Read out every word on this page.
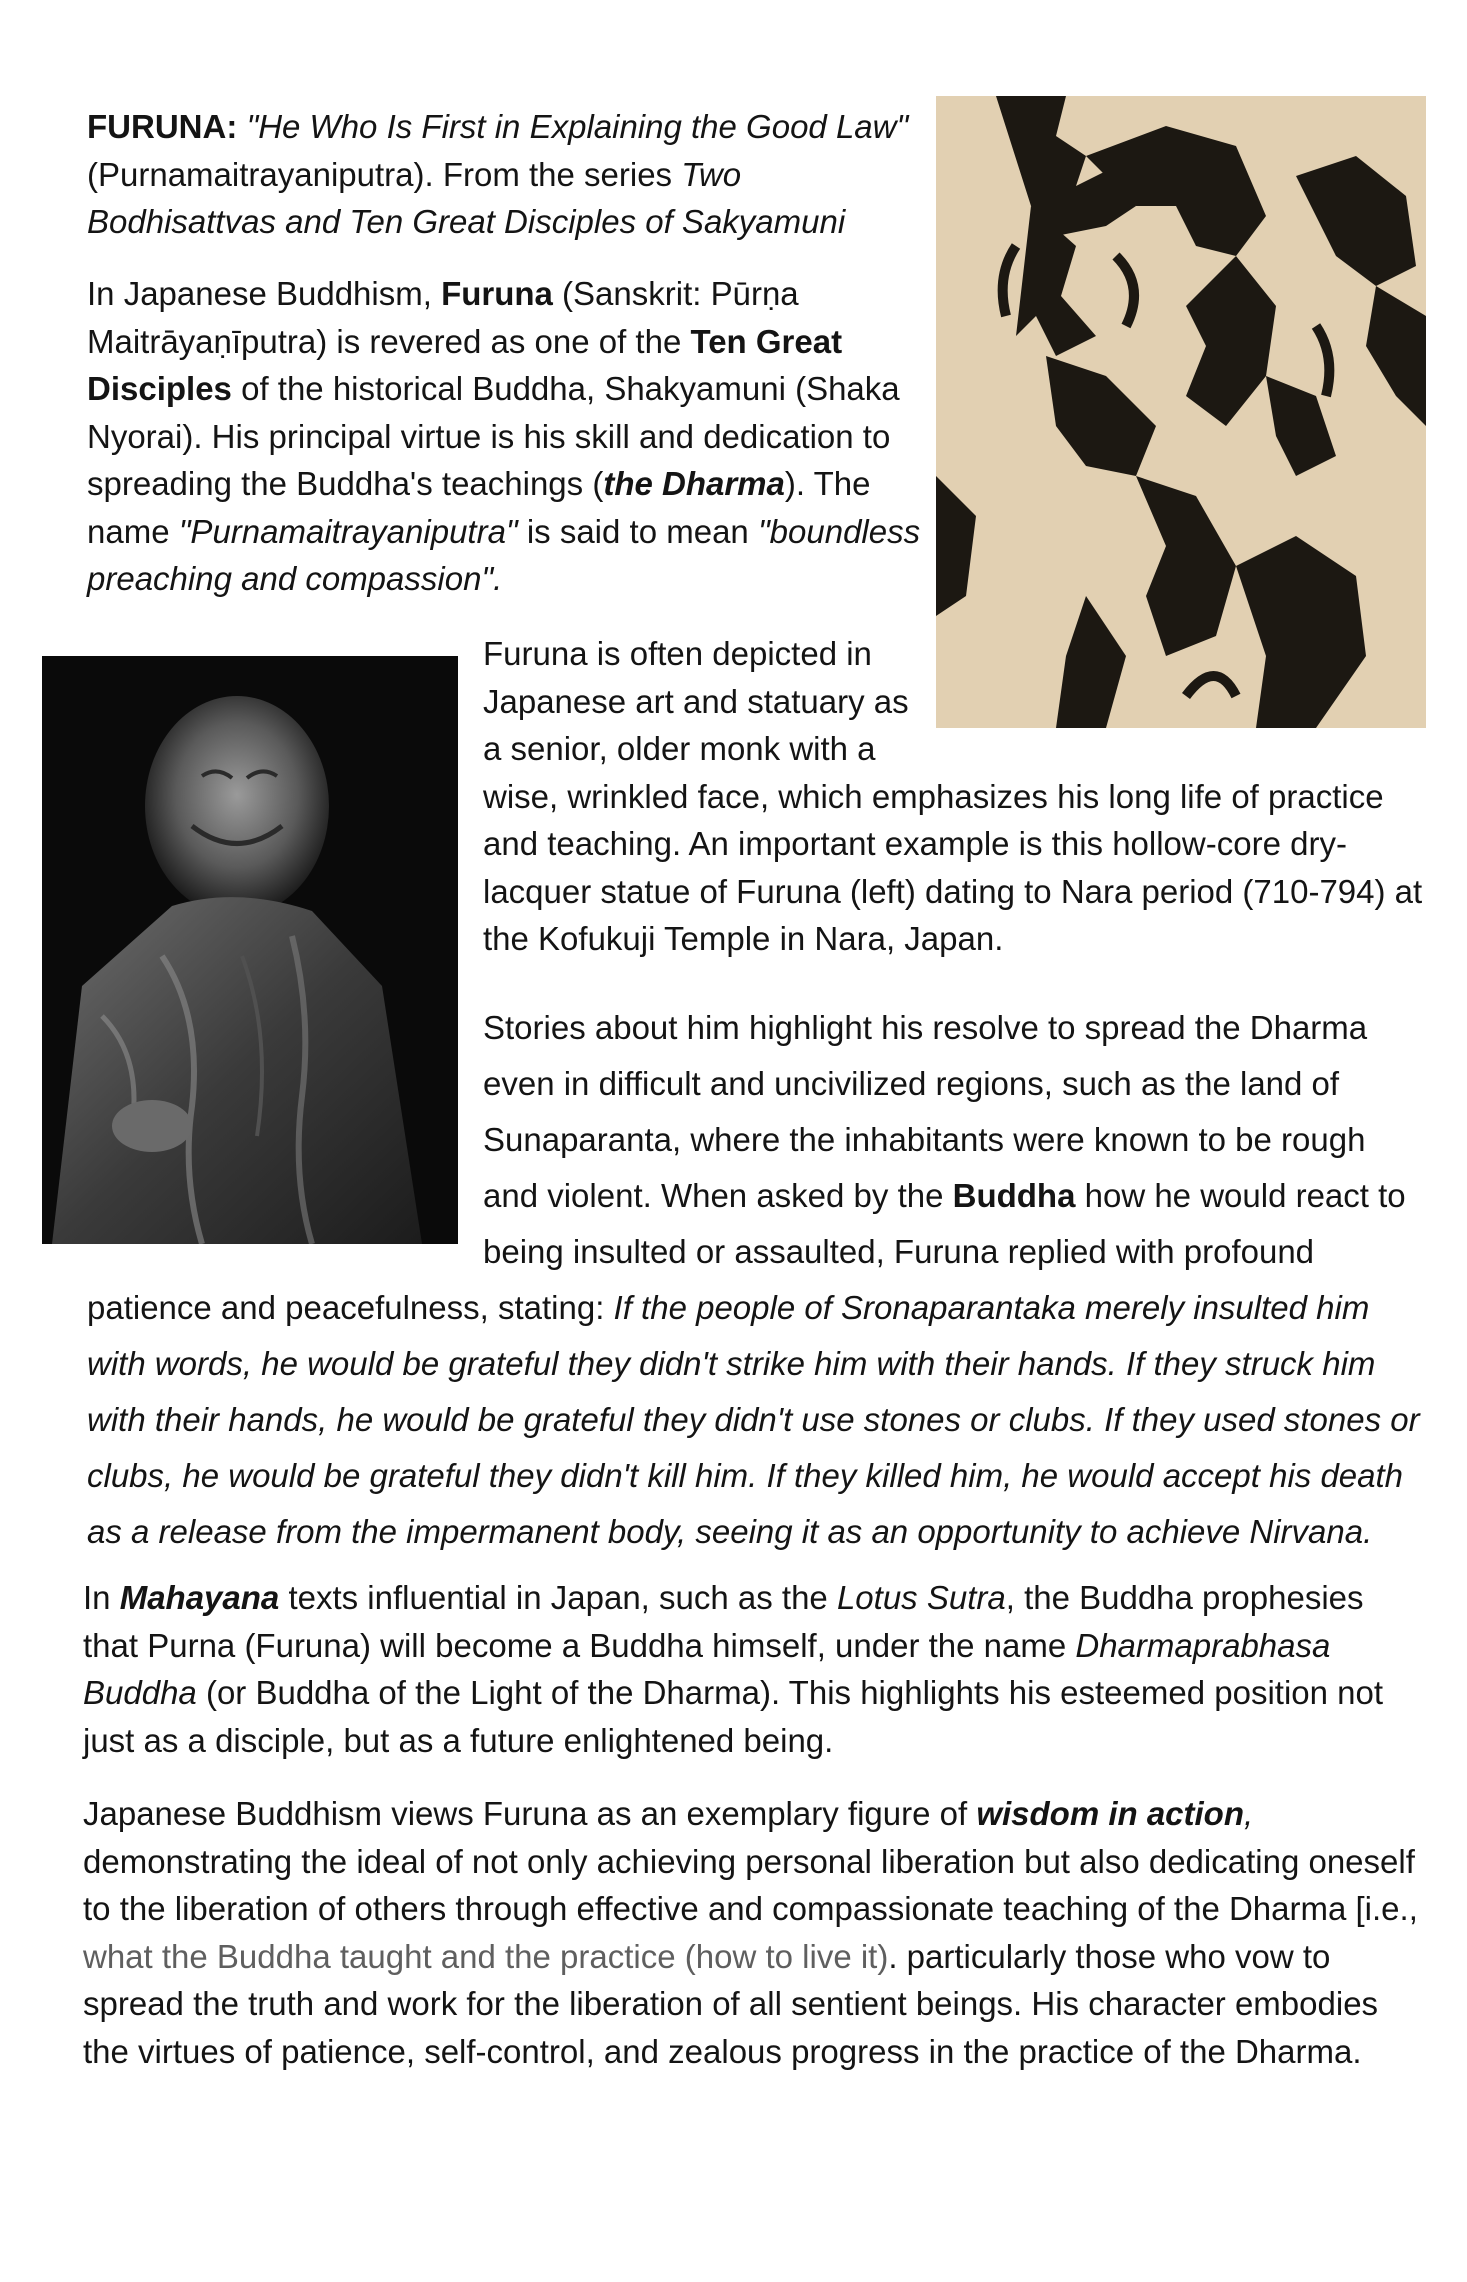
FURUNA: "He Who Is First in Explaining the Good Law"
(Purnamaitrayaniputra). From the series Two Bodhisattvas and Ten Great Disciples of Sakyamuni

In Japanese Buddhism, Furuna (Sanskrit: Pūrṇa Maitrāyaṇīputra) is revered as one of the Ten Great Disciples of the historical Buddha, Shakyamuni (Shaka Nyorai). His principal virtue is his skill and dedication to spreading the Buddha's teachings (the Dharma). The name "Purnamaitrayaniputra" is said to mean "boundless preaching and compassion".

Furuna is often depicted in
Japanese art and statuary as
a senior, older monk with a
wise, wrinkled face, which emphasizes his long life of practice
and teaching. An important example is this hollow-core dry-
lacquer statue of Furuna (left) dating to Nara period (710-794) at
the Kofukuji Temple in Nara, Japan.

Stories about him highlight his resolve to spread the Dharma
even in difficult and uncivilized regions, such as the land of
Sunaparanta, where the inhabitants were known to be rough
and violent. When asked by the Buddha how he would react to
being insulted or assaulted, Furuna replied with profound

patience and peacefulness, stating: If the people of Sronaparantaka merely insulted him
with words, he would be grateful they didn't strike him with their hands. If they struck him
with their hands, he would be grateful they didn't use stones or clubs. If they used stones or
clubs, he would be grateful they didn't kill him. If they killed him, he would accept his death
as a release from the impermanent body, seeing it as an opportunity to achieve Nirvana.

In Mahayana texts influential in Japan, such as the Lotus Sutra, the Buddha prophesies that Purna (Furuna) will become a Buddha himself, under the name Dharmaprabhasa Buddha (or Buddha of the Light of the Dharma). This highlights his esteemed position not just as a disciple, but as a future enlightened being.

Japanese Buddhism views Furuna as an exemplary figure of wisdom in action, demonstrating the ideal of not only achieving personal liberation but also dedicating oneself to the liberation of others through effective and compassionate teaching of the Dharma [i.e., what the Buddha taught and the practice (how to live it). particularly those who vow to spread the truth and work for the liberation of all sentient beings. His character embodies the virtues of patience, self-control, and zealous progress in the practice of the Dharma.
